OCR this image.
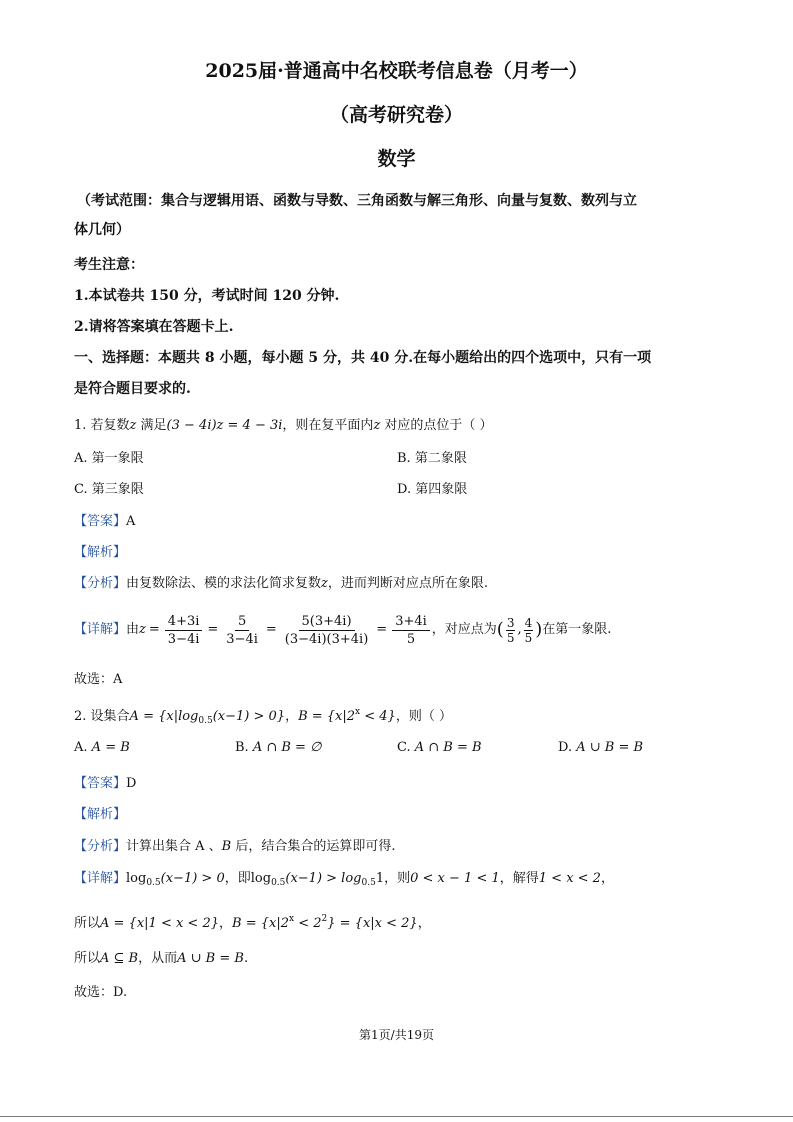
2025届·普通高中名校联考信息卷（月考一）
（高考研究卷）
数学
（考试范围：集合与逻辑用语、函数与导数、三角函数与解三角形、向量与复数、数列与立
体几何）
考生注意：
1.本试卷共 150 分，考试时间 120 分钟.
2.请将答案填在答题卡上.
一、选择题：本题共 8 小题，每小题 5 分，共 40 分.在每小题给出的四个选项中，只有一项
是符合题目要求的.
1. 若复数z 满足(3 − 4i)z = 4 − 3i，则在复平面内z 对应的点位于（ ）
A. 第一象限	B. 第二象限
C. 第三象限	D. 第四象限
【答案】A
【解析】
【分析】由复数除法、模的求法化简求复数z，进而判断对应点所在象限.
【详解】 由 $z = \frac{4+3i}{3-4i} = \frac{5}{3-4i} = \frac{5(3+4i)}{(3-4i)(3+4i)} = \frac{3+4i}{5}$ ，对应点为 ( $\frac{3}{5}$ , $\frac{4}{5}$ ) 在第一象限.
故选：A
2. 设集合$A = \{x|\log_{0.5}(x-1) > 0\}$，$B = \{x|2^x < 4\}$，则（ ）
A. A = B	B. A ∩ B = ∅	C. A ∩ B = B	D. A ∪ B = B
【答案】D
【解析】
【分析】计算出集合 A 、B 后，结合集合的运算即可得.
【详解】$\log_{0.5}(x-1) > 0$，即$\log_{0.5}(x-1) > \log_{0.5}1$，则0 < x − 1 < 1，解得1 < x < 2，
所以A = {x|1 < x < 2}，$B = \{x|2^x < 2^2\} = \{x|x < 2\}$，
所以A ⊆ B，从而A ∪ B = B.
故选：D.
第1页/共19页
